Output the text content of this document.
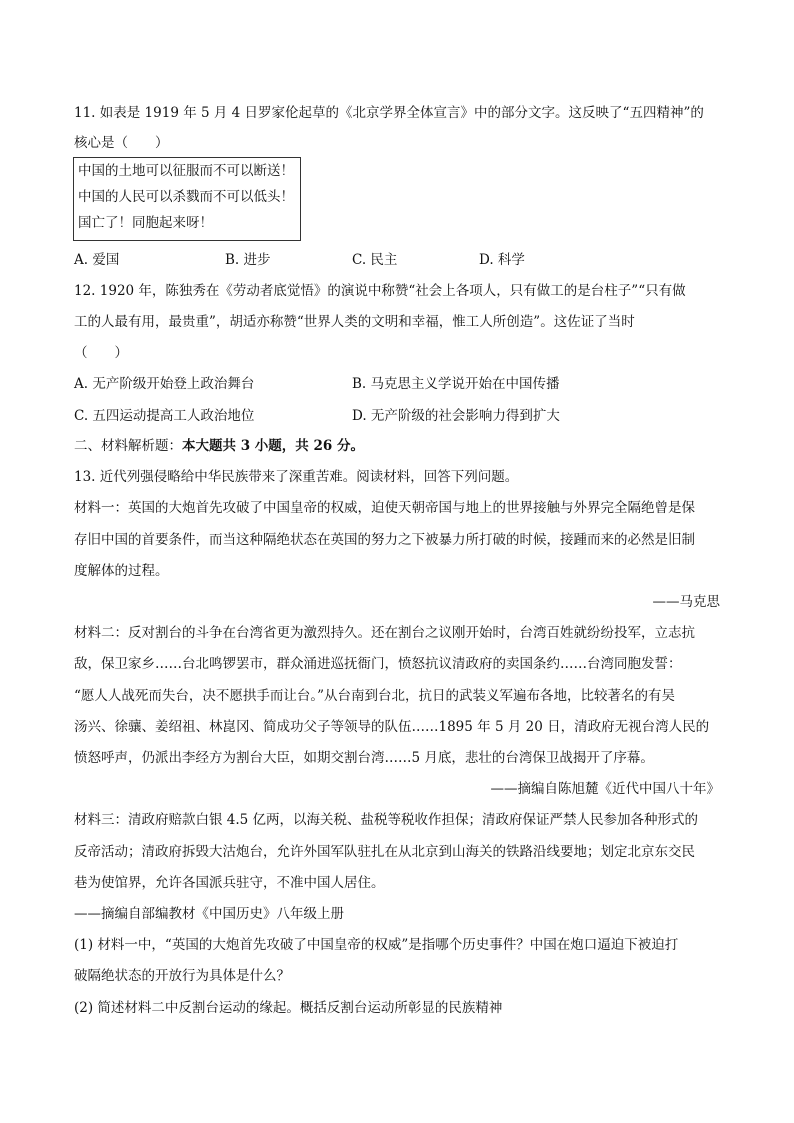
11. 如表是 1919 年 5 月 4 日罗家伦起草的《北京学界全体宣言》中的部分文字。这反映了“五四精神”的
核心是（　　）
中国的土地可以征服而不可以断送！
中国的人民可以杀戮而不可以低头！
国亡了！同胞起来呀！
A. 爱国	B. 进步	C. 民主	D. 科学
12. 1920 年，陈独秀在《劳动者底觉悟》的演说中称赞“社会上各项人，只有做工的是台柱子”“只有做
工的人最有用，最贵重”，胡适亦称赞“世界人类的文明和幸福，惟工人所创造”。这佐证了当时
（　　）
A. 无产阶级开始登上政治舞台	B. 马克思主义学说开始在中国传播
C. 五四运动提高工人政治地位	D. 无产阶级的社会影响力得到扩大
二、材料解析题：本大题共 3 小题，共 26 分。
13. 近代列强侵略给中华民族带来了深重苦难。阅读材料，回答下列问题。
材料一：英国的大炮首先攻破了中国皇帝的权威，迫使天朝帝国与地上的世界接触与外界完全隔绝曾是保
存旧中国的首要条件，而当这种隔绝状态在英国的努力之下被暴力所打破的时候，接踵而来的必然是旧制
度解体的过程。
——马克思
材料二：反对割台的斗争在台湾省更为激烈持久。还在割台之议刚开始时，台湾百姓就纷纷投军，立志抗
敌，保卫家乡……台北鸣锣罢市，群众涌进巡抚衙门，愤怒抗议清政府的卖国条约……台湾同胞发誓：
“愿人人战死而失台，决不愿拱手而让台。”从台南到台北，抗日的武装义军遍布各地，比较著名的有吴
汤兴、徐骧、姜绍祖、林崑冈、简成功父子等领导的队伍……1895 年 5 月 20 日，清政府无视台湾人民的
愤怒呼声，仍派出李经方为割台大臣，如期交割台湾……5 月底，悲壮的台湾保卫战揭开了序幕。
——摘编自陈旭麓《近代中国八十年》
材料三：清政府赔款白银 4.5 亿两，以海关税、盐税等税收作担保；清政府保证严禁人民参加各种形式的
反帝活动；清政府拆毁大沽炮台，允许外国军队驻扎在从北京到山海关的铁路沿线要地；划定北京东交民
巷为使馆界，允许各国派兵驻守，不准中国人居住。
——摘编自部编教材《中国历史》八年级上册
(1) 材料一中，“英国的大炮首先攻破了中国皇帝的权威”是指哪个历史事件？中国在炮口逼迫下被迫打
破隔绝状态的开放行为具体是什么？
(2) 简述材料二中反割台运动的缘起。概括反割台运动所彰显的民族精神
